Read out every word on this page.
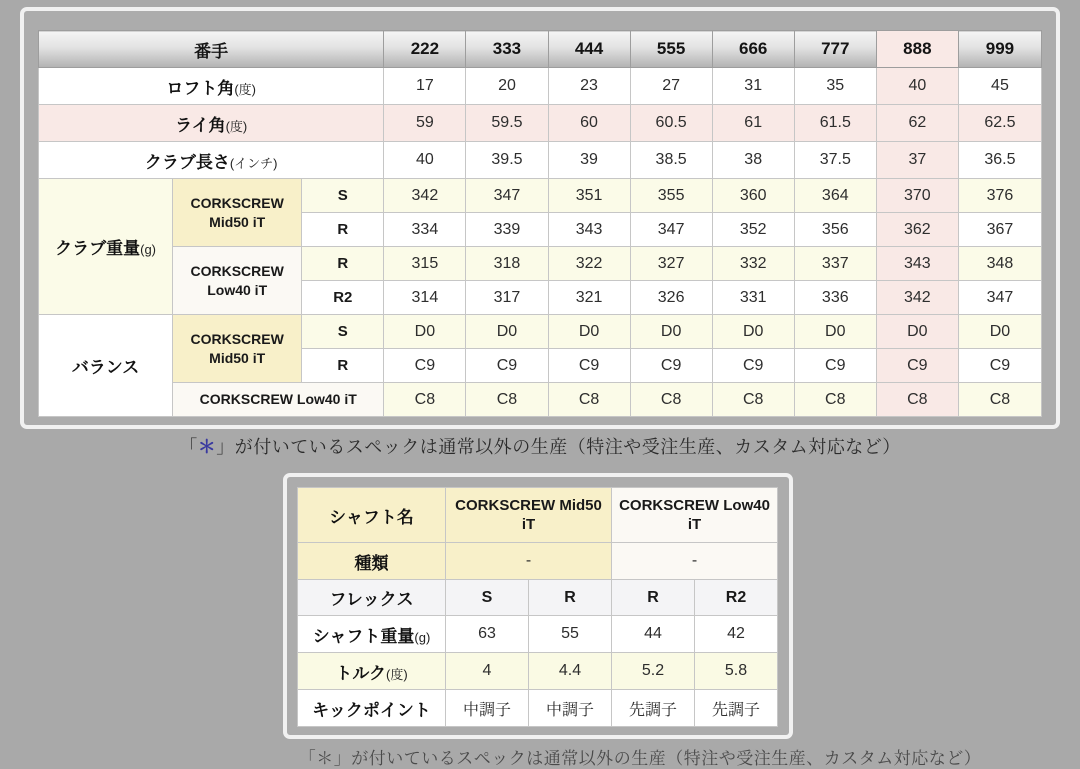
番手			222	333	444	555	666	777	888	999
ロフト角(度)			17	20	23	27	31	35	40	45
ライ角(度)			59	59.5	60	60.5	61	61.5	62	62.5
クラブ長さ(インチ)			40	39.5	39	38.5	38	37.5	37	36.5
クラブ重量(g)	CORKSCREW Mid50 iT	S	342	347	351	355	360	364	370	376
		R	334	339	343	347	352	356	362	367
	CORKSCREW Low40 iT	R	315	318	322	327	332	337	343	348
		R2	314	317	321	326	331	336	342	347
バランス	CORKSCREW Mid50 iT	S	D0	D0	D0	D0	D0	D0	D0	D0
		R	C9	C9	C9	C9	C9	C9	C9	C9
	CORKSCREW Low40 iT		C8	C8	C8	C8	C8	C8	C8	C8
「＊」が付いているスペックは通常以外の生産（特注や受注生産、カスタム対応など）
シャフト名	CORKSCREW Mid50 iT		CORKSCREW Low40 iT	
種類	-		-	
フレックス	S	R	R	R2
シャフト重量(g)	63	55	44	42
トルク(度)	4	4.4	5.2	5.8
キックポイント	中調子	中調子	先調子	先調子
「＊」が付いているスペックは通常以外の生産（特注や受注生産、カスタム対応など）
